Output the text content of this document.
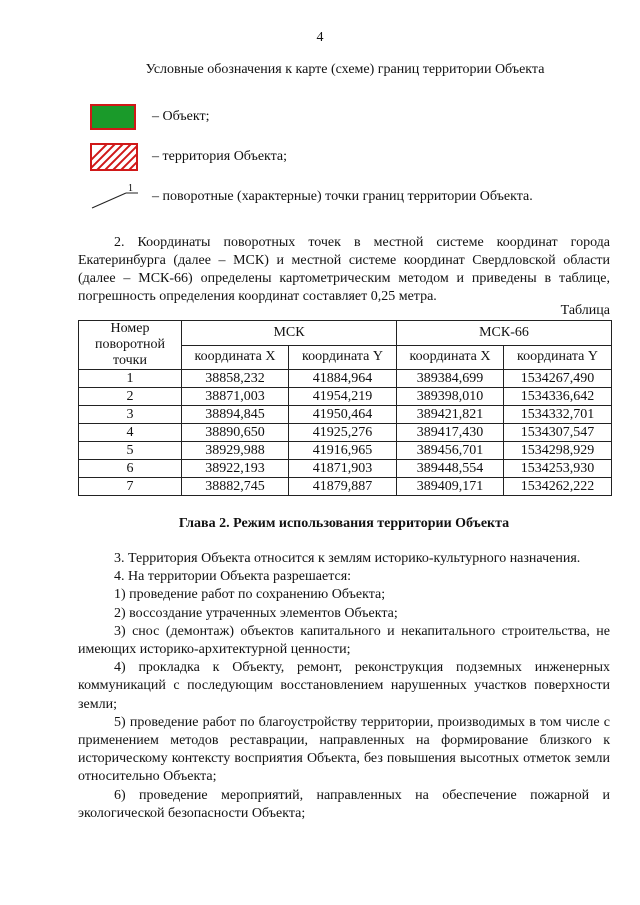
4
Условные обозначения к карте (схеме) границ территории Объекта
– Объект;
– территория Объекта;
1
– поворотные (характерные) точки границ территории Объекта.
2. Координаты поворотных точек в местной системе координат города Екатеринбурга (далее – МСК) и местной системе координат Свердловской области (далее – МСК-66) определены картометрическим методом и приведены в таблице, погрешность определения координат составляет 0,25 метра.
Таблица
Номер поворотной точки	МСК		МСК-66	
	координата X	координата Y	координата X	координата Y
1	38858,232	41884,964	389384,699	1534267,490
2	38871,003	41954,219	389398,010	1534336,642
3	38894,845	41950,464	389421,821	1534332,701
4	38890,650	41925,276	389417,430	1534307,547
5	38929,988	41916,965	389456,701	1534298,929
6	38922,193	41871,903	389448,554	1534253,930
7	38882,745	41879,887	389409,171	1534262,222
Глава 2. Режим использования территории Объекта

3. Территория Объекта относится к землям историко-культурного назначения.

4. На территории Объекта разрешается:

1) проведение работ по сохранению Объекта;

2) воссоздание утраченных элементов Объекта;

3) снос (демонтаж) объектов капитального и некапитального строительства, не имеющих историко-архитектурной ценности;

4) прокладка к Объекту, ремонт, реконструкция подземных инженерных коммуникаций с последующим восстановлением нарушенных участков поверхности земли;

5) проведение работ по благоустройству территории, производимых в том числе с применением методов реставрации, направленных на формирование близкого к историческому контексту восприятия Объекта, без повышения высотных отметок земли относительно Объекта;

6) проведение мероприятий, направленных на обеспечение пожарной и экологической безопасности Объекта;
